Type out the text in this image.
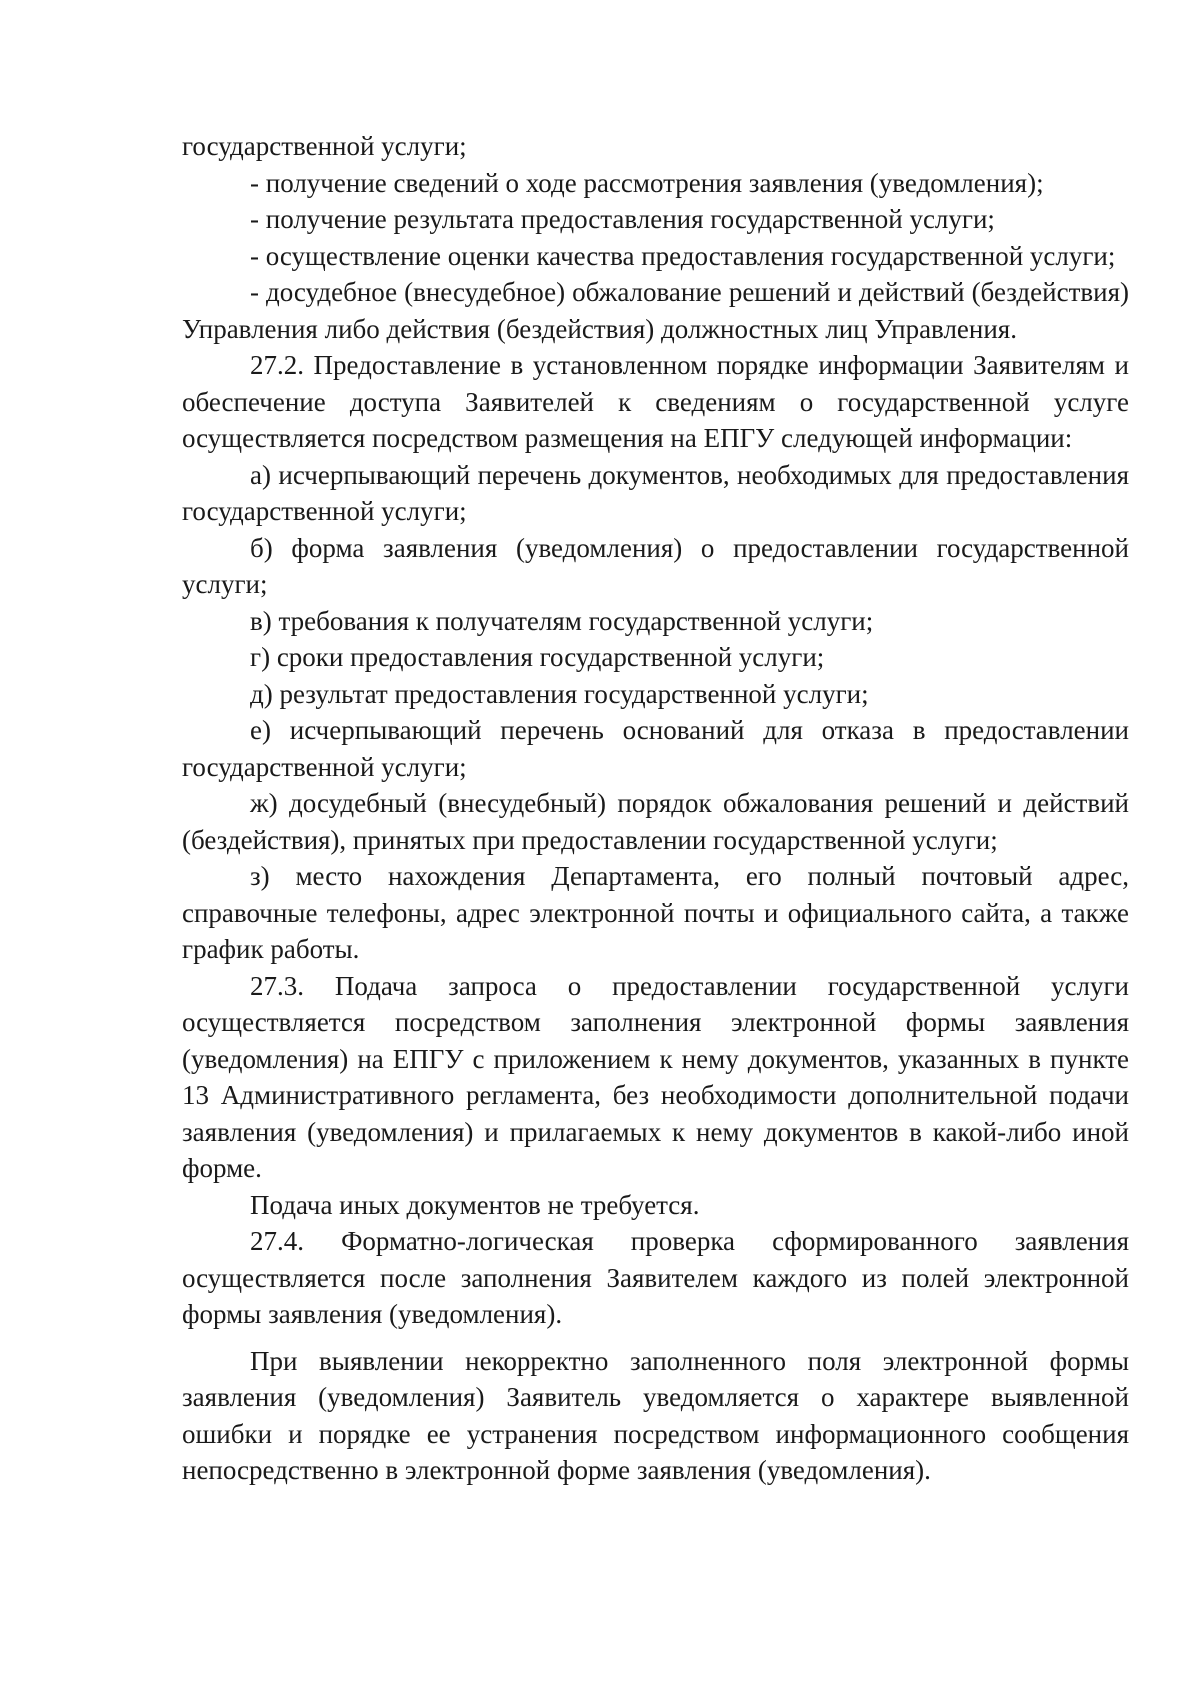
государственной услуги;

- получение сведений о ходе рассмотрения заявления (уведомления);

- получение результата предоставления государственной услуги;

- осуществление оценки качества предоставления государственной услуги;

- досудебное (внесудебное) обжалование решений и действий (бездействия) Управления либо действия (бездействия) должностных лиц Управления.

27.2. Предоставление в установленном порядке информации Заявителям и обеспечение доступа Заявителей к сведениям о государственной услуге осуществляется посредством размещения на ЕПГУ следующей информации:

а) исчерпывающий перечень документов, необходимых для предоставления государственной услуги;

б) форма заявления (уведомления) о предоставлении государственной услуги;

в) требования к получателям государственной услуги;

г) сроки предоставления государственной услуги;

д) результат предоставления государственной услуги;

е) исчерпывающий перечень оснований для отказа в предоставлении государственной услуги;

ж) досудебный (внесудебный) порядок обжалования решений и действий (бездействия), принятых при предоставлении государственной услуги;

з) место нахождения Департамента, его полный почтовый адрес, справочные телефоны, адрес электронной почты и официального сайта, а также график работы.

27.3. Подача запроса о предоставлении государственной услуги осуществляется посредством заполнения электронной формы заявления (уведомления) на ЕПГУ с приложением к нему документов, указанных в пункте 13 Административного регламента, без необходимости дополнительной подачи заявления (уведомления) и прилагаемых к нему документов в какой-либо иной форме.

Подача иных документов не требуется.

27.4. Форматно-логическая проверка сформированного заявления осуществляется после заполнения Заявителем каждого из полей электронной формы заявления (уведомления).

При выявлении некорректно заполненного поля электронной формы заявления (уведомления) Заявитель уведомляется о характере выявленной ошибки и порядке ее устранения посредством информационного сообщения непосредственно в электронной форме заявления (уведомления).
